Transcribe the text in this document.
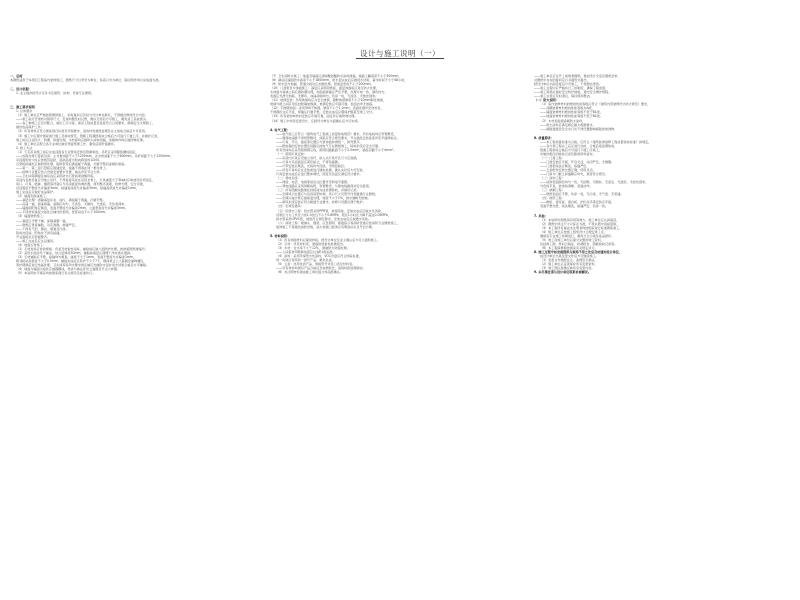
设计与施工说明（一）
一、总则
本图纸适用于本项目工程室内装饰施工，图纸尺寸以毫米为单位，标高以米为单位，除注明外均以完成面为准。
二、设计依据：
1. 业主提供的设计任务书及建筑、结构、设备专业图纸。
三、施工要求说明
1. 总体要求
（1）施工单位应严格按照图纸施工，如有疑问应及时与设计单位联系，不得擅自修改设计内容。
——施工前应仔细核对现场尺寸，发现问题及时反馈，确认无误后方可施工，避免返工造成损失。
——各工种施工应密切配合，做好工序交接，保证工程质量及进度符合合同要求，确保安全文明施工，
做好成品保护工作。
（2）所有材料应符合国家现行标准及环保要求，进场材料须经监理及业主验收合格后方可使用。
（3）施工中应遵守国家现行施工及验收规范，隐蔽工程须经验收合格后方可进行下道工序，并做好记录，
施工时应注意防火、防潮、防腐处理，木材面均应做防火涂料两遍，金属构件均应做防锈处理。
（4）施工单位应配合各专业单位做好预留预埋工作，避免后期开凿破坏。
2. 施工方法
（1）天花吊顶施工前应完成顶面各专业管线安装及隐蔽验收，吊杆应采用膨胀螺栓固定，
——轻钢龙骨石膏板吊顶：主龙骨间距不大于1200mm，次龙骨间距不大于600mm，吊杆间距不大于1200mm。
吊顶面积较大时应按规范起拱，起拱高度为短向跨度的1/200。
石膏板接缝处应做防裂处理，贴防裂带后满刮腻子两遍，打磨平整后涂刷乳胶漆。
——第一、第二层石膏板应错缝安装，接缝不得落在同一根龙骨上。
——检修口位置应结合设备安装要求设置，做法详见节点大样。
——卫生间等潮湿区域吊顶应采用防水石膏板或硅酸钙板。
吊顶内各类设备应设独立吊杆，不得直接吊挂在吊顶龙骨上，灯具重量大于3kg时应单独设吊杆固定，
风口、灯具、喷淋、烟感等设备应与吊顶面层协调布置，排列整齐美观，检修方便，安全可靠，
吊顶面层平整度允许偏差3mm，接缝直线度允许偏差3mm，接缝高低差允许偏差1mm，
施工完成后应做好成品保护。
（2）墙面乳胶漆施工：
——基层处理：清除基层浮灰、油污，满刮腻子两遍，打磨平整。
——底漆一遍，面漆两遍，涂刷应均匀，无流坠、无刷纹、无透底、无色差现象。
——墙面阴阳角应顺直，表面平整度允许偏差2mm，立面垂直度允许偏差3mm。
——不同材料基层交接处应铺设抗裂网，宽度每边不小于100mm。
（3）墙面壁纸施工：
——基层应平整干燥，涂刷基膜一遍，
——壁纸应垂直铺贴，对花准确，拼缝严密，
——不得有气泡、翘边、褶皱及污渍。
阴角处搭接，阳角处不得有接缝。
开关面板处应套割整齐。
——施工完成后应注意通风。
（4）地面石材施工：
（1）石材进场应检验规格、色差及放射性指标，铺贴前应做六面防护处理，按排版图预排编号。
（2）采用水泥砂浆干铺法，结合层厚度30mm，铺贴前基层应清理干净并洒水湿润。
（3）石材铺贴应平整，接缝均匀顺直，缝宽不大于1mm，表面平整度允许偏差1mm，
相邻板块高低差不大于0.5mm，铺贴完成后应养护不少于7天，期间禁止上人踩踏及重物碾压，
养护期满后进行结晶处理，卫生间等有防水要求的区域应先做防水层并闭水试验合格后方可铺贴。
（4）地面与墙面交接处应做踢脚线，材质与做法详见立面图及节点大样图。
（5）本说明未尽事宜均按国家现行有关规范及标准执行。
（7）卫生间防水施工：地面及墙面应涂刷聚氨酯防水涂料两遍，墙面上翻高度不小于300mm，
（8）淋浴区墙面防水高度不小于1800mm，防水层完成后应做闭水试验，蓄水时间不少于48小时，
（9）防水层与地漏、管道交接处应加强处理，附加层宽度不小于200mm。
（10）门窗套及木饰面施工：基层应采用阻燃板，面层饰面板应进行防火处理，
木饰面与墙体之间应做防潮处理，饰面板拼缝应严密平整，纹理方向一致，颜色均匀，
表面应光滑无划痕、无锤印，油漆涂刷均匀，色泽一致，无流坠、无皱皮现象。
（11）玻璃安装：所用玻璃均应为安全玻璃，隔断玻璃厚度不小于10mm钢化玻璃，
玻璃与框之间应用密封胶填嵌饱满，玻璃安装应牢固可靠，表面洁净无划痕。
（12）不锈钢饰面：采用304不锈钢，厚度不小于1.2mm，表面处理详见材料表，
不锈钢折边应平直，焊缝应打磨平整，安装完成后应覆保护膜直至竣工交付。
（13）所有装饰构件的安装应牢固可靠，固定件应做防锈处理。
（14）施工中如需变更设计，应经设计单位书面确认后方可实施。
4. 电气工程：
——电气施工应符合《建筑电气工程施工质量验收规范》要求，所有电线均应穿管敷设，
——强弱电线路不得同管敷设，间距应符合规范要求，开关插座安装高度详见平面图标注。
——灯具、开关、插座等位置应与装饰面协调统一，排列整齐。
——配电箱的安装位置及回路应按电气专业图纸施工，接地系统应安全可靠。
所有导线均应采用阻燃铜芯线，照明回路截面不小于2.5mm²，插座回路不小于4mm²。
（一）照明灯具安装：
——吊顶内灯具应设独立吊杆，嵌入式灯具开孔尺寸应准确，
——灯具与吊顶面层应紧密贴合，不得有缝隙。
——灯带安装应顺直，光线均匀连续，无明显暗区。
——所有灯具均应在安装前进行通电检测，确认完好后方可安装，
灯具安装完成后应进行整体调试，照度及色温应满足设计要求。
（二）弱电系统：
——网络、电话、电视等信息点位置详见弱电平面图。
——弱电线路应采用屏蔽线缆，穿管敷设，与强电线路保持安全距离。
（三）所有隐蔽线路须在封板前完成检测验收，并做好记录。
——空调风口位置应与吊顶造型协调，风口尺寸及型号详见暖通专业图纸。
——空调冷凝水管应做保温处理，坡度不小于1%，排水通畅无倒坡。
——新风系统安装应符合暖通专业要求，检修口设置应便于维护。
（四）空调及通风：
（五）给排水工程：给水管采用PPR管，热熔连接，安装完成后应做水压试验，
试验压力为工作压力的1.5倍且不小于0.6MPa，稳压1小时压力降不超过0.05MPa，
排水管采用UPVC管，坡度符合规范要求，安装完成后应做通水试验。
（六）消防工程：喷淋头、烟感、应急照明、疏散指示等消防设施应按消防专业图纸施工，
装饰施工不得遮挡消防设施，消火栓箱门装饰应有明显标识且开启方便。
5. 材料说明：
（1）所有饰面材料应提供样板，经设计单位及业主确认后方可大面积施工。
（2）石材：详见材料表，须提供放射性检测报告。
（3）木材：含水率不大于12%，须做防火防腐处理。
——人造板材甲醛释放量应达到E1级标准。
（4）涂料：采用环保型水性涂料，VOC含量应符合国家标准，
同一房间应使用同一批号产品，避免色差。
（5）五金：选用优质产品，规格型号详见门表及材料表。
——所有材料均须有产品合格证及检测报告，进场时报监理验收。
（6）未注明材料须由施工单位提交样品经确认。
——施工单位应在开工前熟悉图纸，参加设计交底及图纸会审，
对图纸中存在的疑问应以书面形式提出，
经设计单位书面答复后方可施工，不得擅自更改。
——施工过程中应严格执行三检制度，确保工程质量。
——施工现场应做好安全防护措施，遵守安全操作规程。
——施工垃圾应及时清运，保持现场整洁。
（一）防火说明：
（1）室内装修材料的燃烧性能等级应符合《建筑内部装修设计防火规范》要求，
——顶棚装修材料燃烧性能等级为A级，
——墙面装修材料燃烧性能等级不低于B1级，
——地面装修材料燃烧性能等级不低于B1级。
（2）木材表面须涂刷防火涂料，
——防火涂料应满足相应耐火极限要求。
——疏散通道及安全出口处不得设置影响疏散的装饰物。
6. 质量要求：
——本工程质量标准为合格，应符合《建筑装饰装修工程质量验收标准》的规定，
——各分项工程完工后应进行自检，合格后报监理验收，
隐蔽工程验收合格后方可进行下道工序施工，
并做好相应的验收记录及影像资料留存。
（一）门窗工程：
——门窗安装应牢固，开启灵活，关闭严密，无倒翘。
——门窗套线条应顺直，接缝严密，
——五金配件安装位置正确，使用灵活。
——门扇与门框之间缝隙应均匀，宽度符合规范。
（二）涂饰工程：
——涂饰表面颜色均匀一致，无砂眼、无刷纹、无流坠、无透底、无咬色现象，
分色线平直，装饰线清晰，表面洁净。
（三）裱糊工程：
——壁纸表面应平整，色泽一致，无污染、无气泡、无裂缝。
（四）细部工程：
——橱柜、窗帘盒、窗台板、护栏扶手等安装应牢固，
表面平整光滑，线条顺直，接缝严密，色泽一致。
7. 其他：
（1）本说明与图纸具有同等效力，施工单位应认真阅读，
（2）图纸中所注尺寸以标注为准，不得从图中直接量取，
（3）本工程所有做法未注明者均按国家现行标准图集施工，
（4）施工单位应按施工组织设计合理安排工序，
确保各专业施工协调进行，避免交叉污染及成品损坏。
（5）竣工时施工单位应提交完整的竣工资料，
包括竣工图、材料合格证、检测报告、隐蔽验收记录等。
（6）本工程保修期按国家有关规定执行。
8. 施工过程中如发现图纸与现场不符之处应及时通知设计单位，
由设计单位出具变更文件后方可继续施工。
（1）变更文件须经业主、监理签字确认，
（2）施工单位应妥善保存所有变更资料，
（3）竣工图应准确反映所有变更内容。
9. 未尽事宜请与设计单位联系协商解决。
